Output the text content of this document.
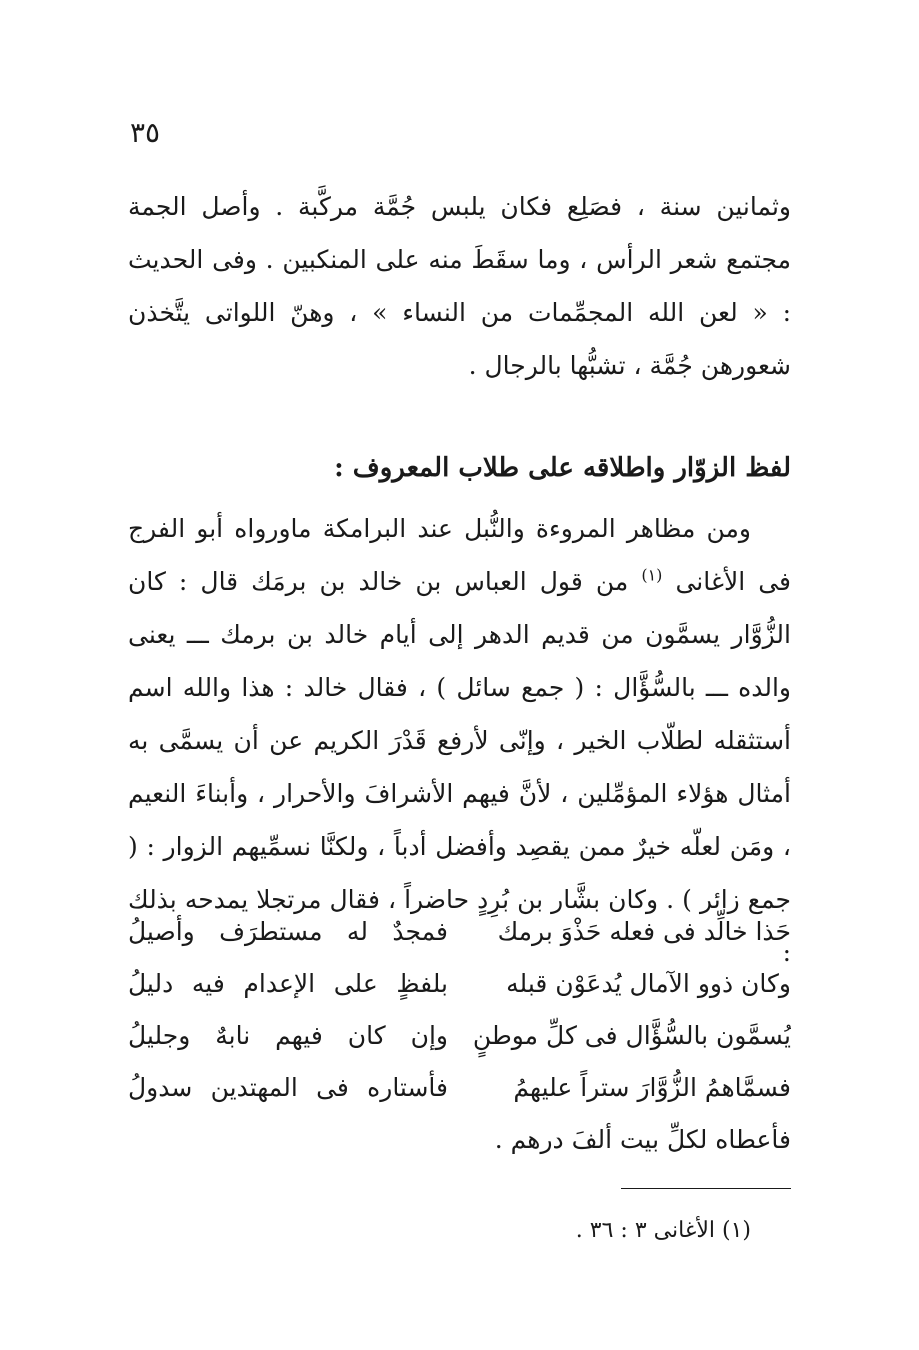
٣٥

وثمانين سنة ، فصَلِع فكان يلبس جُمَّة مركَّبة . وأصل الجمة مجتمع شعر الرأس ، وما سقَطَ منه على المنكبين . وفى الحديث : « لعن الله المجمِّمات من النساء » ، وهنّ اللواتى يتَّخذن شعورهن جُمَّة ، تشبُّها بالرجال .

لفظ الزوّار واطلاقه على طلاب المعروف :

ومن مظاهر المروءة والنُّبل عند البرامكة ماورواه أبو الفرج فى الأغانى $^{(١)}$ من قول العباس بن خالد بن برمَك قال : كان الزُّوَّار يسمَّون من قديم الدهر إلى أيام خالد بن برمك ـــ يعنى والده ـــ بالسُّؤَّال : ( جمع سائل ) ، فقال خالد : هذا والله اسم أستثقله لطلّاب الخير ، وإنّى لأرفع قَدْرَ الكريم عن أن يسمَّى به أمثال هؤلاء المؤمِّلين ، لأنَّ فيهم الأشرافَ والأحرار ، وأبناءَ النعيم ، ومَن لعلّه خيرٌ ممن يقصِد وأفضل أدباً ، ولكنَّا نسمِّيهم الزوار : ( جمع زائر ) . وكان بشَّار بن بُرِدٍ حاضراً ، فقال مرتجلا يمدحه بذلك :

حَذا خالِّد فى فعله حَذْوَ برمك
فمجدٌ له مستطرَف وأصيلُ
وكان ذوو الآمال يُدعَوْن قبله
بلفظٍ على الإعدام فيه دليلُ
يُسمَّون بالسُّؤَّال فى كلِّ موطنٍ
وإن كان فيهم نابهٌ وجليلُ
فسمَّاهمُ الزُّوَّارَ ستراً عليهمُ
فأستاره فى المهتدين سدولُ
فأعطاه لكلِّ بيت ألفَ درهم .
(١) الأغانى ٣ : ٣٦ .
